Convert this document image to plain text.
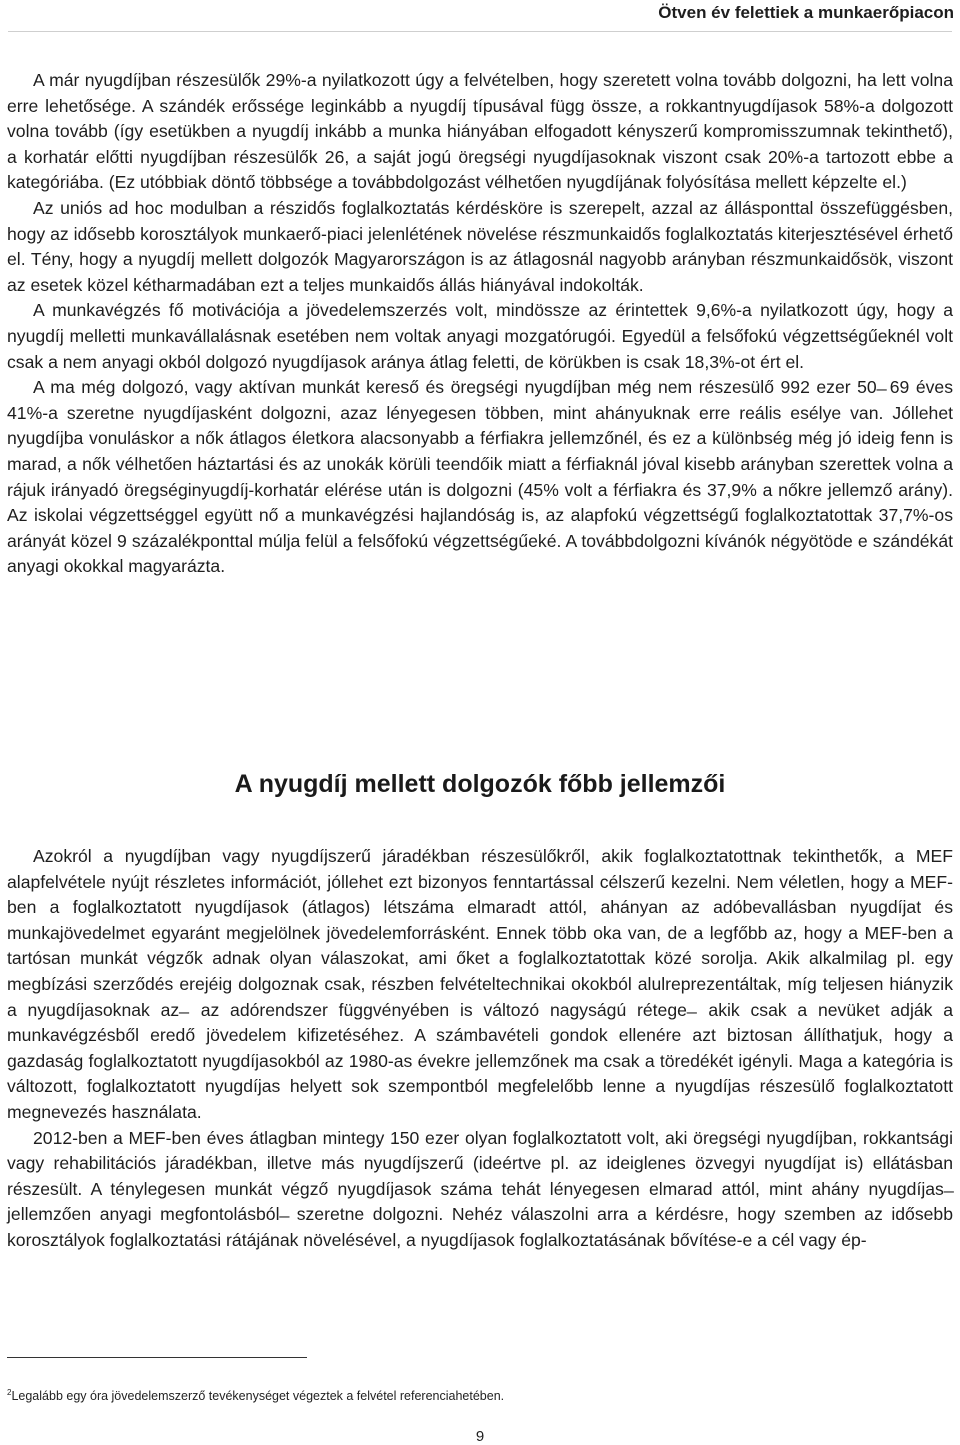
Ötven év felettiek a munkaerőpiacon

A már nyugdíjban részesülők 29%-a nyilatkozott úgy a felvételben, hogy szeretett volna tovább dolgozni, ha lett volna erre lehetősége. A szándék erőssége leginkább a nyugdíj típusával függ össze, a rokkantnyugdíjasok 58%-a dolgozott volna tovább (így esetükben a nyugdíj inkább a munka hiányában elfogadott kényszerű kompromisszumnak tekinthető), a korhatár előtti nyugdíjban részesülők 26, a saját jogú öregségi nyugdíjasoknak viszont csak 20%-a tartozott ebbe a kategóriába. (Ez utóbbiak döntő többsége a továbbdolgozást vélhetően nyugdíjának folyósítása mellett képzelte el.)

Az uniós ad hoc modulban a részidős foglalkoztatás kérdésköre is szerepelt, azzal az állásponttal összefüggésben, hogy az idősebb korosztályok munkaerő-piaci jelenlétének növelése részmunkaidős foglalkoztatás kiterjesztésével érhető el. Tény, hogy a nyugdíj mellett dolgozók Magyarországon is az átlagosnál nagyobb arányban részmunkaidősök, viszont az esetek közel kétharmadában ezt a teljes munkaidős állás hiányával indokolták.

A munkavégzés fő motivációja a jövedelemszerzés volt, mindössze az érintettek 9,6%-a nyilatkozott úgy, hogy a nyugdíj melletti munkavállalásnak esetében nem voltak anyagi mozgatórugói. Egyedül a felsőfokú végzettségűeknél volt csak a nem anyagi okból dolgozó nyugdíjasok aránya átlag feletti, de körükben is csak 18,3%-ot ért el.

A ma még dolgozó, vagy aktívan munkát kereső és öregségi nyugdíjban még nem részesülő 992 ezer 50 ̶ 69 éves 41%-a szeretne nyugdíjasként dolgozni, azaz lényegesen többen, mint ahányuknak erre reális esélye van. Jóllehet nyugdíjba vonuláskor a nők átlagos életkora alacsonyabb a férfiakra jellemzőnél, és ez a különbség még jó ideig fenn is marad, a nők vélhetően háztartási és az unokák körüli teendőik miatt a férfiaknál jóval kisebb arányban szerettek volna a rájuk irányadó öregséginyugdíj-korhatár elérése után is dolgozni (45% volt a férfiakra és 37,9% a nőkre jellemző arány). Az iskolai végzettséggel együtt nő a munkavégzési hajlandóság is, az alapfokú végzettségű foglalkoztatottak 37,7%-os arányát közel 9 százalékponttal múlja felül a felsőfokú végzettségűeké. A továbbdolgozni kívánók négyötöde e szándékát anyagi okokkal magyarázta.

A nyugdíj mellett dolgozók főbb jellemzői

Azokról a nyugdíjban vagy nyugdíjszerű járadékban részesülőkről, akik foglalkoztatottnak tekinthetők, a MEF alapfelvétele nyújt részletes információt, jóllehet ezt bizonyos fenntartással célszerű kezelni. Nem véletlen, hogy a MEF-ben a foglalkoztatott nyugdíjasok (átlagos) létszáma elmaradt attól, ahányan az adóbevallásban nyugdíjat és munkajövedelmet egyaránt megjelölnek jövedelemforrásként. Ennek több oka van, de a legfőbb az, hogy a MEF-ben a tartósan munkát végzők adnak olyan válaszokat, ami őket a foglalkoztatottak közé sorolja. Akik alkalmilag pl. egy megbízási szerződés erejéig dolgoznak csak, részben felvételtechnikai okokból alulreprezentáltak, míg teljesen hiányzik a nyugdíjasoknak az ̶ az adórendszer függvényében is változó nagyságú rétege ̶ akik csak a nevüket adják a munkavégzésből eredő jövedelem kifizetéséhez. A számbavételi gondok ellenére azt biztosan állíthatjuk, hogy a gazdaság foglalkoztatott nyugdíjasokból az 1980-as évekre jellemzőnek ma csak a töredékét igényli. Maga a kategória is változott, foglalkoztatott nyugdíjas helyett sok szempontból megfelelőbb lenne a nyugdíjas részesülő foglalkoztatott megnevezés használata.

2012-ben a MEF-ben éves átlagban mintegy 150 ezer olyan foglalkoztatott volt, aki öregségi nyugdíjban, rokkantsági vagy rehabilitációs járadékban, illetve más nyugdíjszerű (ideértve pl. az ideiglenes özvegyi nyugdíjat is) ellátásban részesült. A ténylegesen munkát végző nyugdíjasok száma tehát lényegesen elmarad attól, mint ahány nyugdíjas ̶ jellemzően anyagi megfontolásból ̶ szeretne dolgozni. Nehéz válaszolni arra a kérdésre, hogy szemben az idősebb korosztályok foglalkoztatási rátájának növelésével, a nyugdíjasok foglalkoztatásának bővítése-e a cél vagy ép-

$^2$Legalább egy óra jövedelemszerző tevékenységet végeztek a felvétel referenciahetében.
9
